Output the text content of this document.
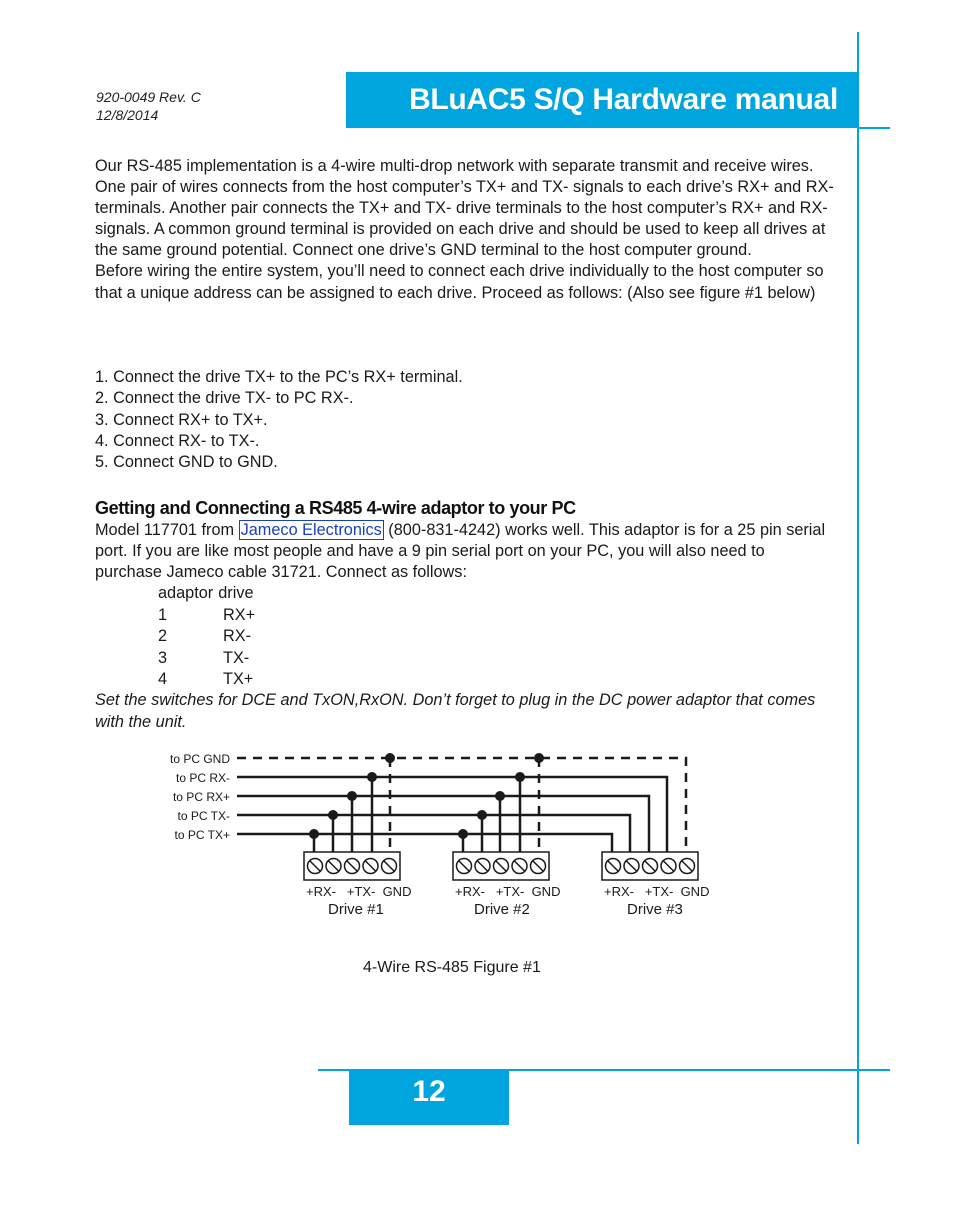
920-0049 Rev. C
12/8/2014	BLuAC5 S/Q Hardware manual

Our RS-485 implementation is a 4-wire multi-drop network with separate transmit and receive wires. One pair of wires connects from the host computer’s TX+ and TX- signals to each drive’s RX+ and RX- terminals. Another pair connects the TX+ and TX- drive terminals to the host computer’s RX+ and RX- signals. A common ground terminal is provided on each drive and should be used to keep all drives at the same ground potential. Connect one drive’s GND terminal to the host computer ground.

Before wiring the entire system, you’ll need to connect each drive individually to the host computer so that a unique address can be assigned to each drive. Proceed as follows: (Also see figure #1 below)

1. Connect the drive TX+ to the PC’s RX+ terminal.
2. Connect the drive TX- to PC RX-.
3. Connect RX+ to TX+.
4. Connect RX- to TX-.
5. Connect GND to GND.
Getting and Connecting a RS485 4-wire adaptor to your PC
Model 117701 from Jameco Electronics (800-831-4242) works well. This adaptor is for a 25 pin serial port. If you are like most people and have a 9 pin serial port on your PC, you will also need to purchase Jameco cable 31721. Connect as follows:
adaptor drive
1	RX+
2	RX-
3	TX-
4	TX+
Set the switches for DCE and TxON,RxON. Don’t forget to plug in the DC power adaptor that comes with the unit.
to PC GND
to PC RX-
to PC RX+
to PC TX-
to PC TX+
+RX-   +TX-  GND	+RX-   +TX-  GND	+RX-   +TX-  GND
Drive #1	Drive #2	Drive #3
4-Wire RS-485 Figure #1
12
